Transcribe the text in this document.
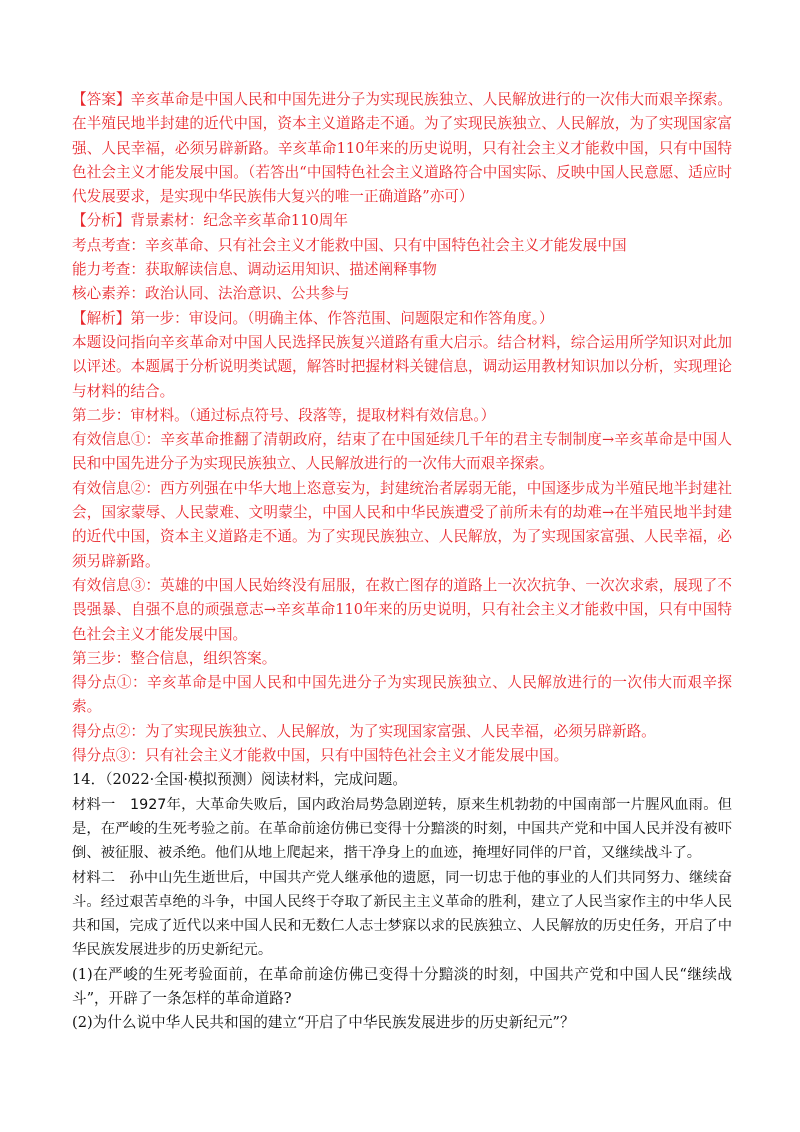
【答案】辛亥革命是中国人民和中国先进分子为实现民族独立、人民解放进行的一次伟大而艰辛探索。在半殖民地半封建的近代中国，资本主义道路走不通。为了实现民族独立、人民解放，为了实现国家富强、人民幸福，必须另辟新路。辛亥革命110年来的历史说明，只有社会主义才能救中国，只有中国特色社会主义才能发展中国。（若答出“中国特色社会主义道路符合中国实际、反映中国人民意愿、适应时代发展要求，是实现中华民族伟大复兴的唯一正确道路”亦可）

【分析】背景素材：纪念辛亥革命110周年

考点考查：辛亥革命、只有社会主义才能救中国、只有中国特色社会主义才能发展中国

能力考查：获取解读信息、调动运用知识、描述阐释事物

核心素养：政治认同、法治意识、公共参与

【解析】第一步：审设问。（明确主体、作答范围、问题限定和作答角度。）

本题设问指向辛亥革命对中国人民选择民族复兴道路有重大启示。结合材料，综合运用所学知识对此加以评述。本题属于分析说明类试题，解答时把握材料关键信息，调动运用教材知识加以分析，实现理论与材料的结合。

第二步：审材料。（通过标点符号、段落等，提取材料有效信息。）

有效信息①：辛亥革命推翻了清朝政府，结束了在中国延续几千年的君主专制制度→辛亥革命是中国人民和中国先进分子为实现民族独立、人民解放进行的一次伟大而艰辛探索。

有效信息②：西方列强在中华大地上恣意妄为，封建统治者孱弱无能，中国逐步成为半殖民地半封建社会，国家蒙辱、人民蒙难、文明蒙尘，中国人民和中华民族遭受了前所未有的劫难→在半殖民地半封建的近代中国，资本主义道路走不通。为了实现民族独立、人民解放，为了实现国家富强、人民幸福，必须另辟新路。

有效信息③：英雄的中国人民始终没有屈服，在救亡图存的道路上一次次抗争、一次次求索，展现了不畏强暴、自强不息的顽强意志→辛亥革命110年来的历史说明，只有社会主义才能救中国，只有中国特色社会主义才能发展中国。

第三步：整合信息，组织答案。

得分点①：辛亥革命是中国人民和中国先进分子为实现民族独立、人民解放进行的一次伟大而艰辛探索。

得分点②：为了实现民族独立、人民解放，为了实现国家富强、人民幸福，必须另辟新路。

得分点③：只有社会主义才能救中国，只有中国特色社会主义才能发展中国。

14．（2022·全国·模拟预测）阅读材料，完成问题。

材料一　1927年，大革命失败后，国内政治局势急剧逆转，原来生机勃勃的中国南部一片腥风血雨。但是，在严峻的生死考验之前。在革命前途仿佛已变得十分黯淡的时刻，中国共产党和中国人民并没有被吓倒、被征服、被杀绝。他们从地上爬起来，揩干净身上的血迹，掩埋好同伴的尸首，又继续战斗了。

材料二　孙中山先生逝世后，中国共产党人继承他的遗愿，同一切忠于他的事业的人们共同努力、继续奋斗。经过艰苦卓绝的斗争，中国人民终于夺取了新民主主义革命的胜利，建立了人民当家作主的中华人民共和国，完成了近代以来中国人民和无数仁人志士梦寐以求的民族独立、人民解放的历史任务，开启了中华民族发展进步的历史新纪元。

(1)在严峻的生死考验面前，在革命前途仿佛已变得十分黯淡的时刻，中国共产党和中国人民“继续战斗”，开辟了一条怎样的革命道路?

(2)为什么说中华人民共和国的建立“开启了中华民族发展进步的历史新纪元”？
